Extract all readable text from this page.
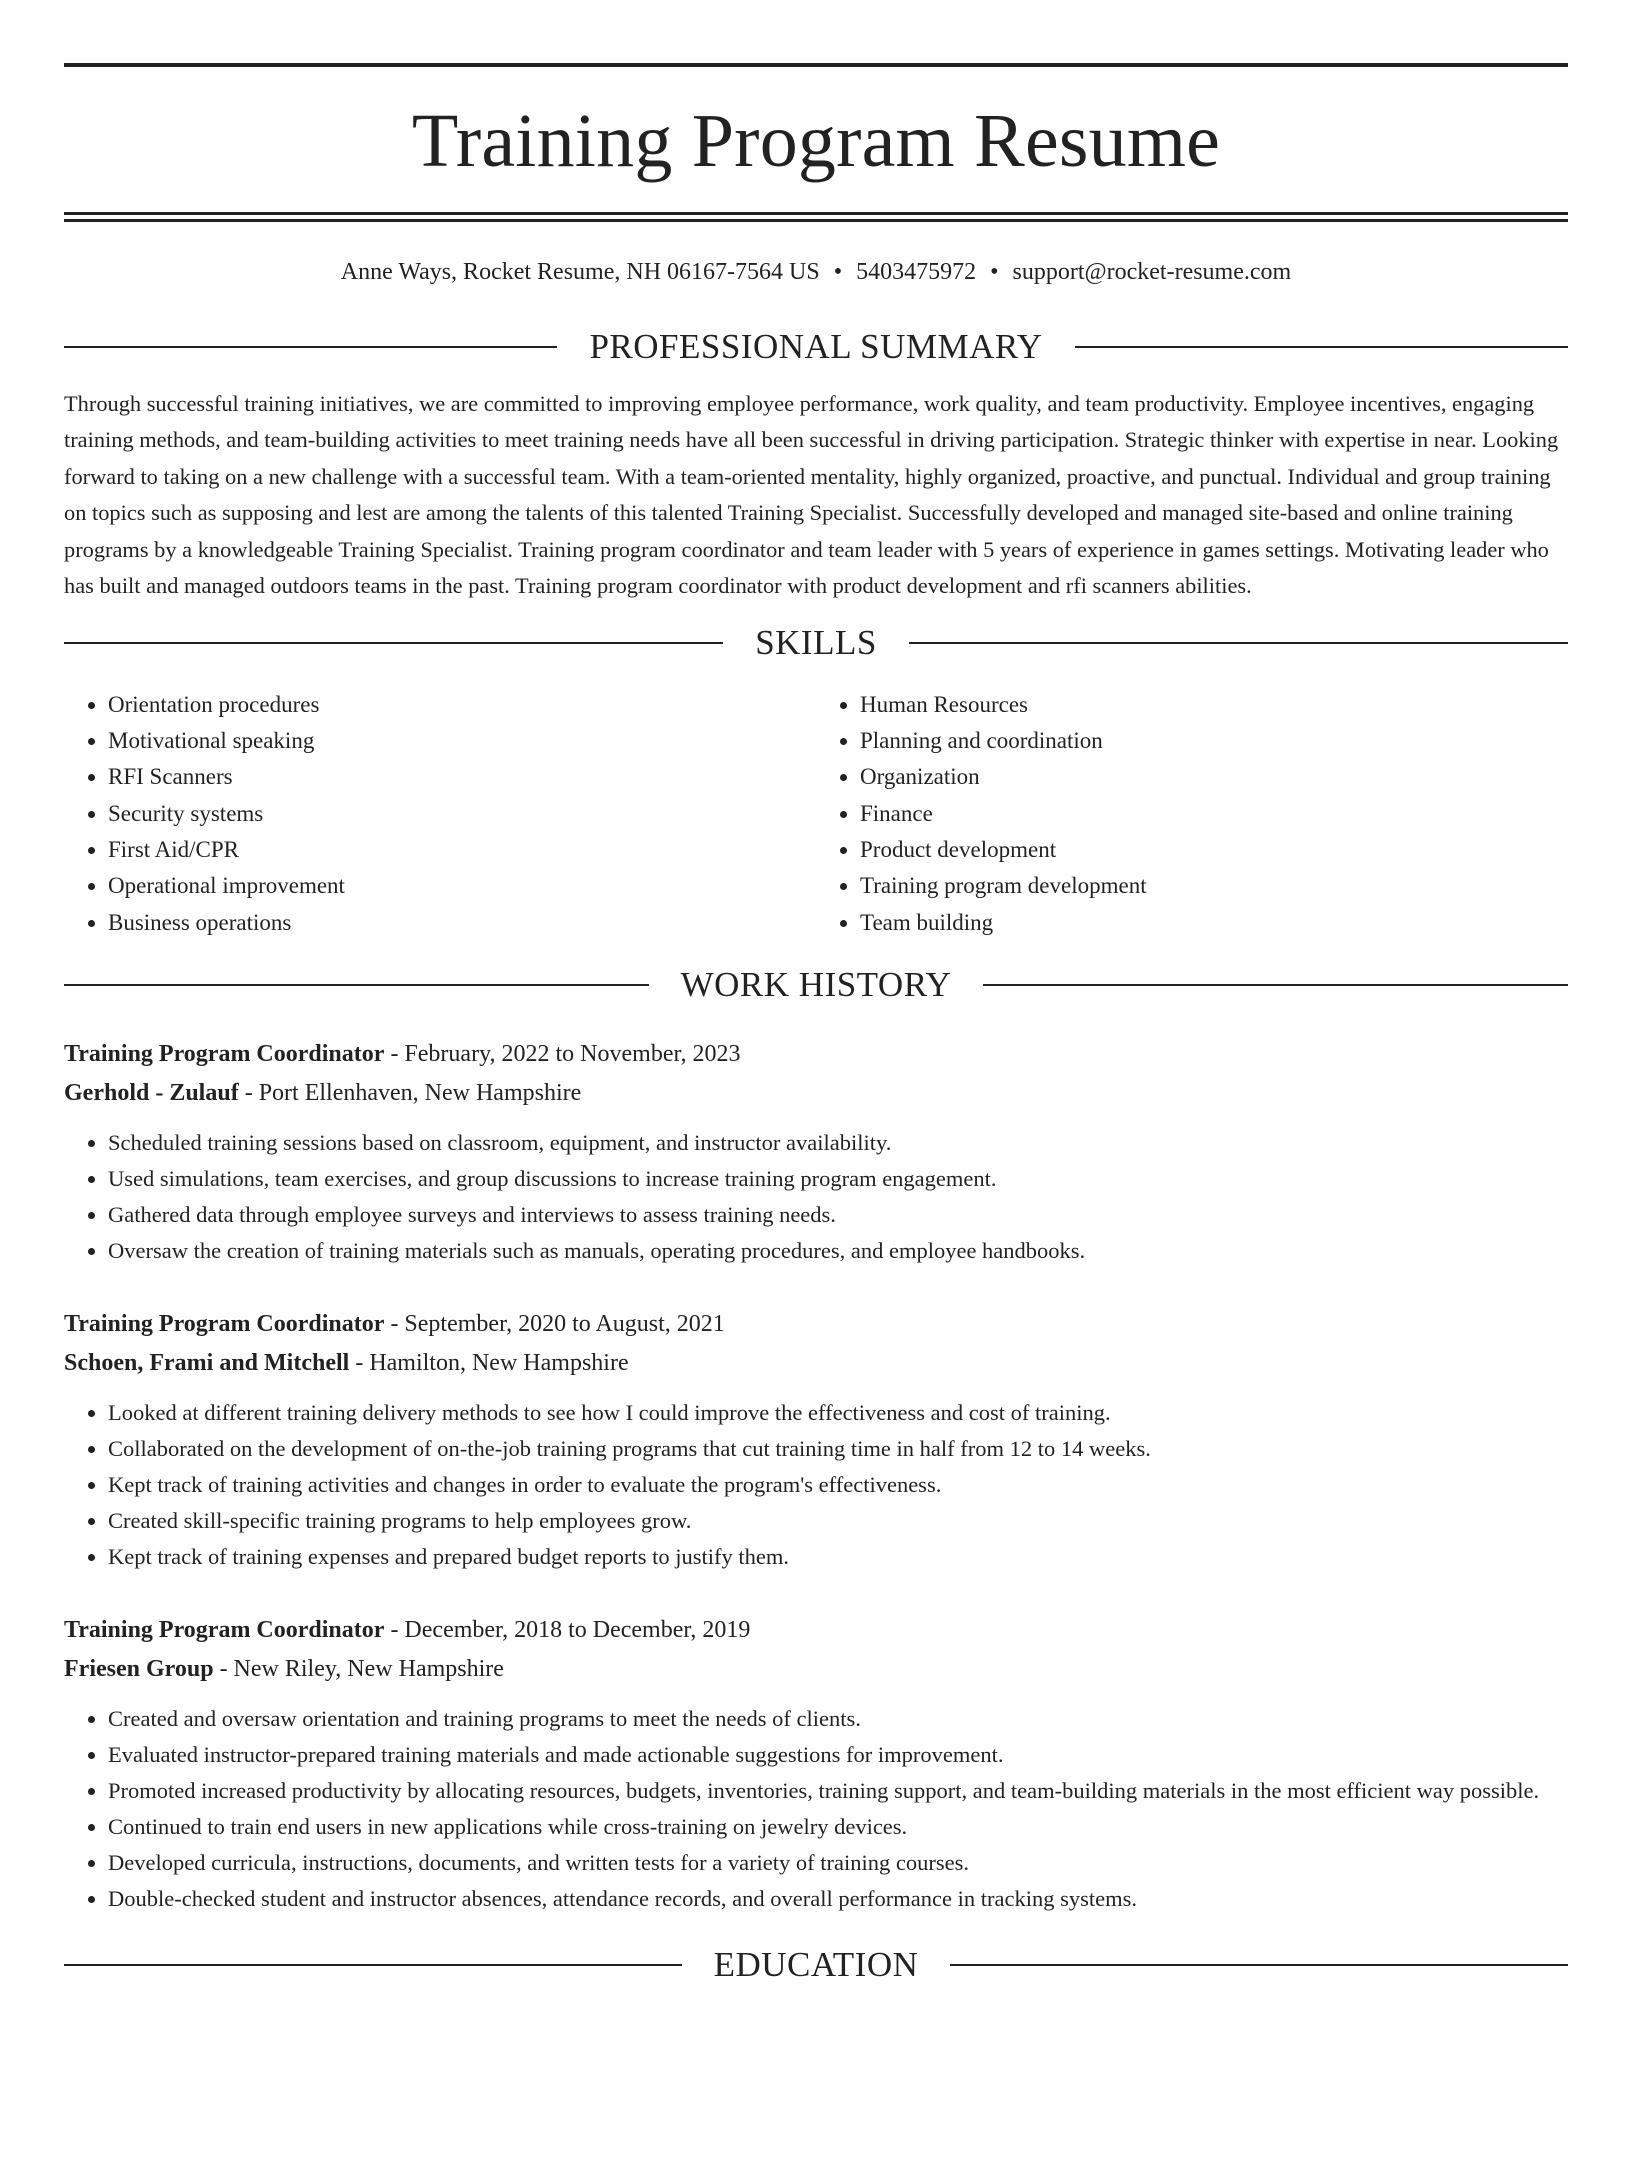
Training Program Resume
Anne Ways, Rocket Resume, NH 06167-7564 US • 5403475972 • support@rocket-resume.com
PROFESSIONAL SUMMARY

Through successful training initiatives, we are committed to improving employee performance, work quality, and team productivity. Employee incentives, engaging training methods, and team-building activities to meet training needs have all been successful in driving participation. Strategic thinker with expertise in near. Looking forward to taking on a new challenge with a successful team. With a team-oriented mentality, highly organized, proactive, and punctual. Individual and group training on topics such as supposing and lest are among the talents of this talented Training Specialist. Successfully developed and managed site-based and online training programs by a knowledgeable Training Specialist. Training program coordinator and team leader with 5 years of experience in games settings. Motivating leader who has built and managed outdoors teams in the past. Training program coordinator with product development and rfi scanners abilities.

SKILLS
• Orientation procedures
• Motivational speaking
• RFI Scanners
• Security systems
• First Aid/CPR
• Operational improvement
• Business operations
• Human Resources
• Planning and coordination
• Organization
• Finance
• Product development
• Training program development
• Team building
WORK HISTORY
Training Program Coordinator - February, 2022 to November, 2023
Gerhold - Zulauf - Port Ellenhaven, New Hampshire
• Scheduled training sessions based on classroom, equipment, and instructor availability.
• Used simulations, team exercises, and group discussions to increase training program engagement.
• Gathered data through employee surveys and interviews to assess training needs.
• Oversaw the creation of training materials such as manuals, operating procedures, and employee handbooks.
Training Program Coordinator - September, 2020 to August, 2021
Schoen, Frami and Mitchell - Hamilton, New Hampshire
• Looked at different training delivery methods to see how I could improve the effectiveness and cost of training.
• Collaborated on the development of on-the-job training programs that cut training time in half from 12 to 14 weeks.
• Kept track of training activities and changes in order to evaluate the program's effectiveness.
• Created skill-specific training programs to help employees grow.
• Kept track of training expenses and prepared budget reports to justify them.
Training Program Coordinator - December, 2018 to December, 2019
Friesen Group - New Riley, New Hampshire
• Created and oversaw orientation and training programs to meet the needs of clients.
• Evaluated instructor-prepared training materials and made actionable suggestions for improvement.
• Promoted increased productivity by allocating resources, budgets, inventories, training support, and team-building materials in the most efficient way possible.
• Continued to train end users in new applications while cross-training on jewelry devices.
• Developed curricula, instructions, documents, and written tests for a variety of training courses.
• Double-checked student and instructor absences, attendance records, and overall performance in tracking systems.
EDUCATION
